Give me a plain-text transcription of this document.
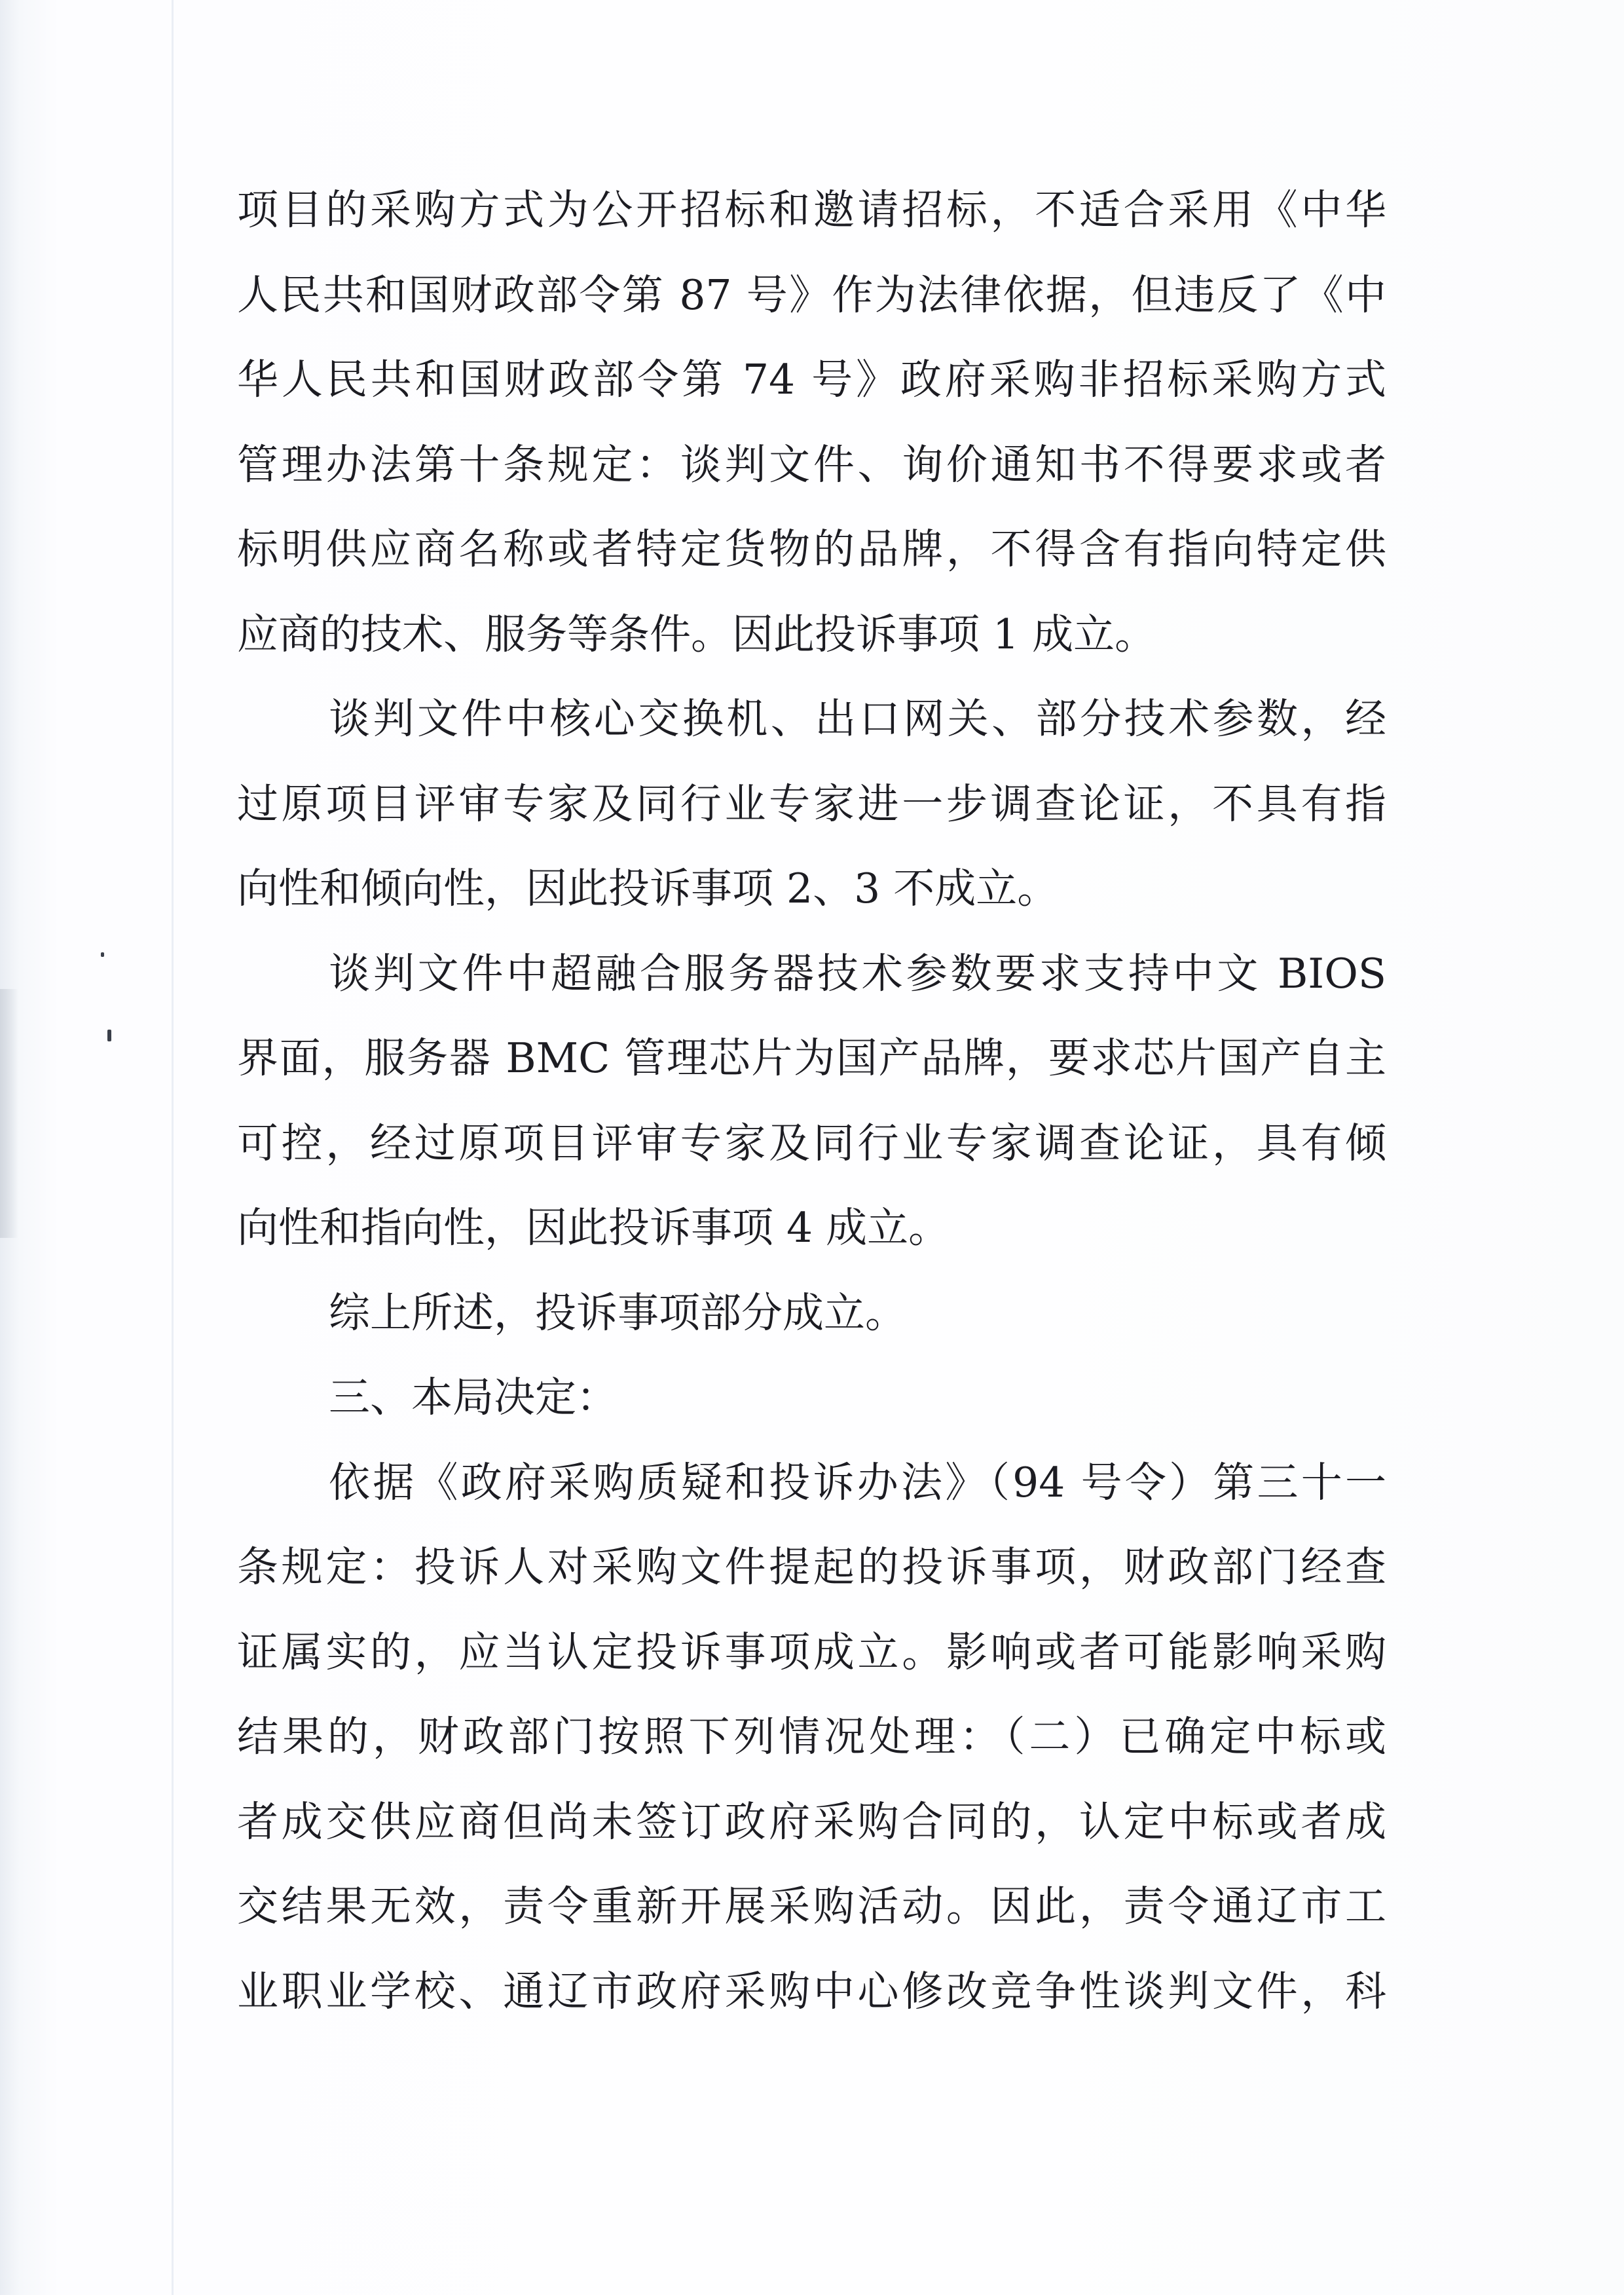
项目的采购方式为公开招标和邀请招标，不适合采用《中华
人民共和国财政部令第 87 号》作为法律依据，但违反了《中
华人民共和国财政部令第 74 号》政府采购非招标采购方式
管理办法第十条规定：谈判文件、询价通知书不得要求或者
标明供应商名称或者特定货物的品牌，不得含有指向特定供
应商的技术、服务等条件。因此投诉事项 1 成立。
谈判文件中核心交换机、出口网关、部分技术参数，经
过原项目评审专家及同行业专家进一步调查论证，不具有指
向性和倾向性，因此投诉事项 2、3 不成立。
谈判文件中超融合服务器技术参数要求支持中文 BIOS
界面，服务器 BMC 管理芯片为国产品牌，要求芯片国产自主
可控，经过原项目评审专家及同行业专家调查论证，具有倾
向性和指向性，因此投诉事项 4 成立。
综上所述，投诉事项部分成立。
三、本局决定：
依据《政府采购质疑和投诉办法》（94 号令）第三十一
条规定：投诉人对采购文件提起的投诉事项，财政部门经查
证属实的，应当认定投诉事项成立。影响或者可能影响采购
结果的，财政部门按照下列情况处理：（二）已确定中标或
者成交供应商但尚未签订政府采购合同的，认定中标或者成
交结果无效，责令重新开展采购活动。因此，责令通辽市工
业职业学校、通辽市政府采购中心修改竞争性谈判文件，科
